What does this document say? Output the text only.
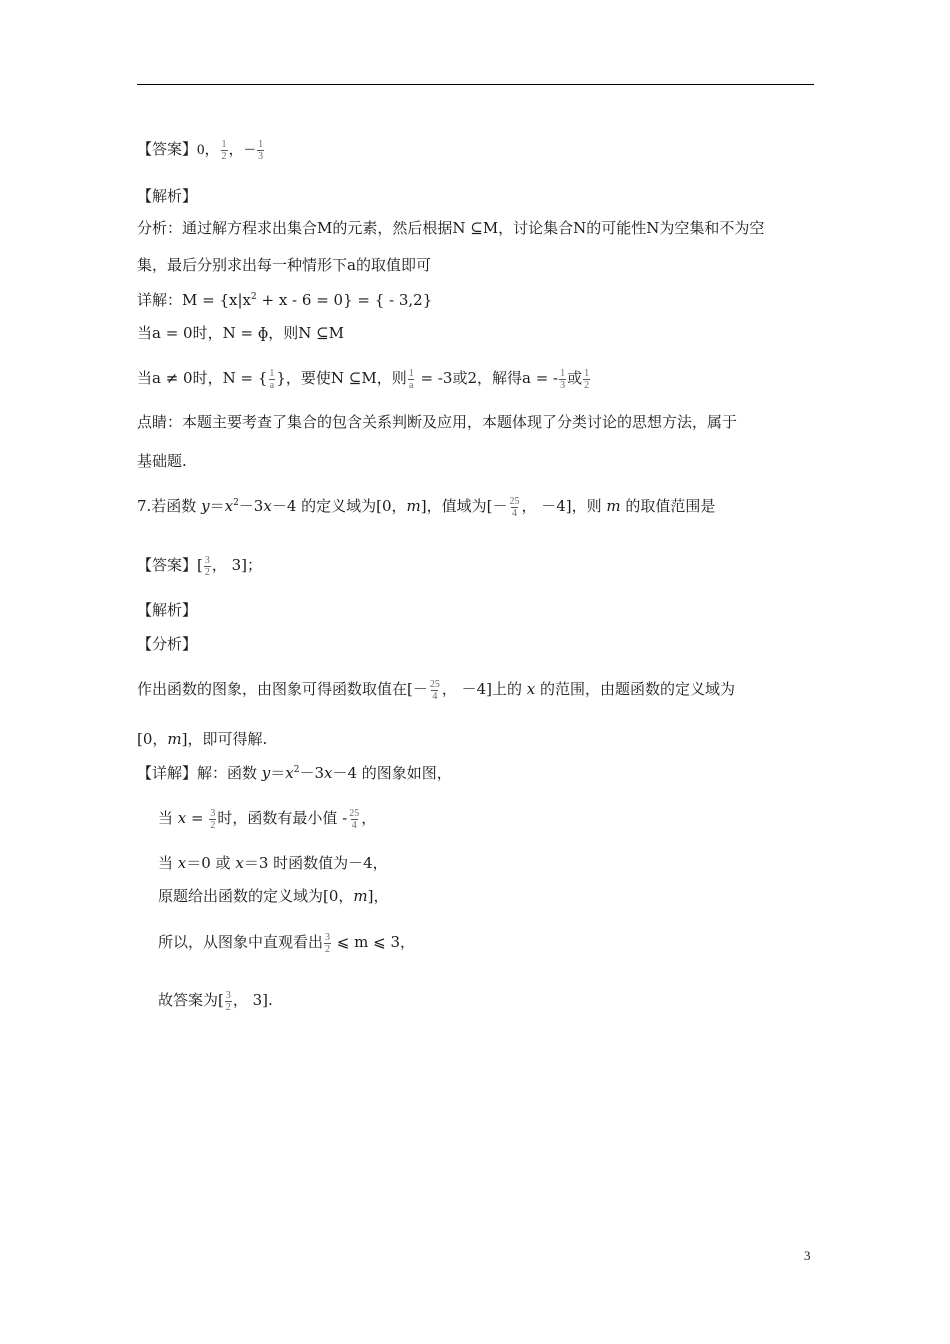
【答案】0， $\frac{1}{2}$ ，− $\frac{1}{3}$
【解析】
分析：通过解方程求出集合M的元素，然后根据N ⊆M，讨论集合N的可能性N为空集和不为空
集，最后分别求出每一种情形下a的取值即可
详解：$M = \{x|x^2 + x - 6 = 0\}$ = { - 3,2}
当a = 0时，N = ɸ，则N ⊆M
当a ≠ 0时，N = { $\frac{1}{a}$ }，要使N ⊆M，则 $\frac{1}{a} = -3$或2，解得a = - $\frac{1}{3}$ 或 $\frac{1}{2}$
点睛：本题主要考查了集合的包含关系判断及应用，本题体现了分类讨论的思想方法，属于
基础题.
7.若函数 $y=x^2-3x-4$ 的定义域为[0，m]，值域为[－ $\frac{25}{4}$ ， －4]，则 m 的取值范围是
【答案】[ $\frac{3}{2}$ ， 3]；
【解析】
【分析】
作出函数的图象，由图象可得函数取值在[－ $\frac{25}{4}$ ， －4]上的 x 的范围，由题函数的定义域为
[0，m]，即可得解.
【详解】解：函数 $y=x^2-3x-4$ 的图象如图，
当 $x = \frac{3}{2}$ 时，函数有最小值 - $\frac{25}{4}$ ，
当 x＝0 或 x＝3 时函数值为－4，
原题给出函数的定义域为[0，m]，
所以，从图象中直观看出 $\frac{3}{2}$ ⩽ m ⩽ 3，
故答案为[ $\frac{3}{2}$ ， 3].
3
